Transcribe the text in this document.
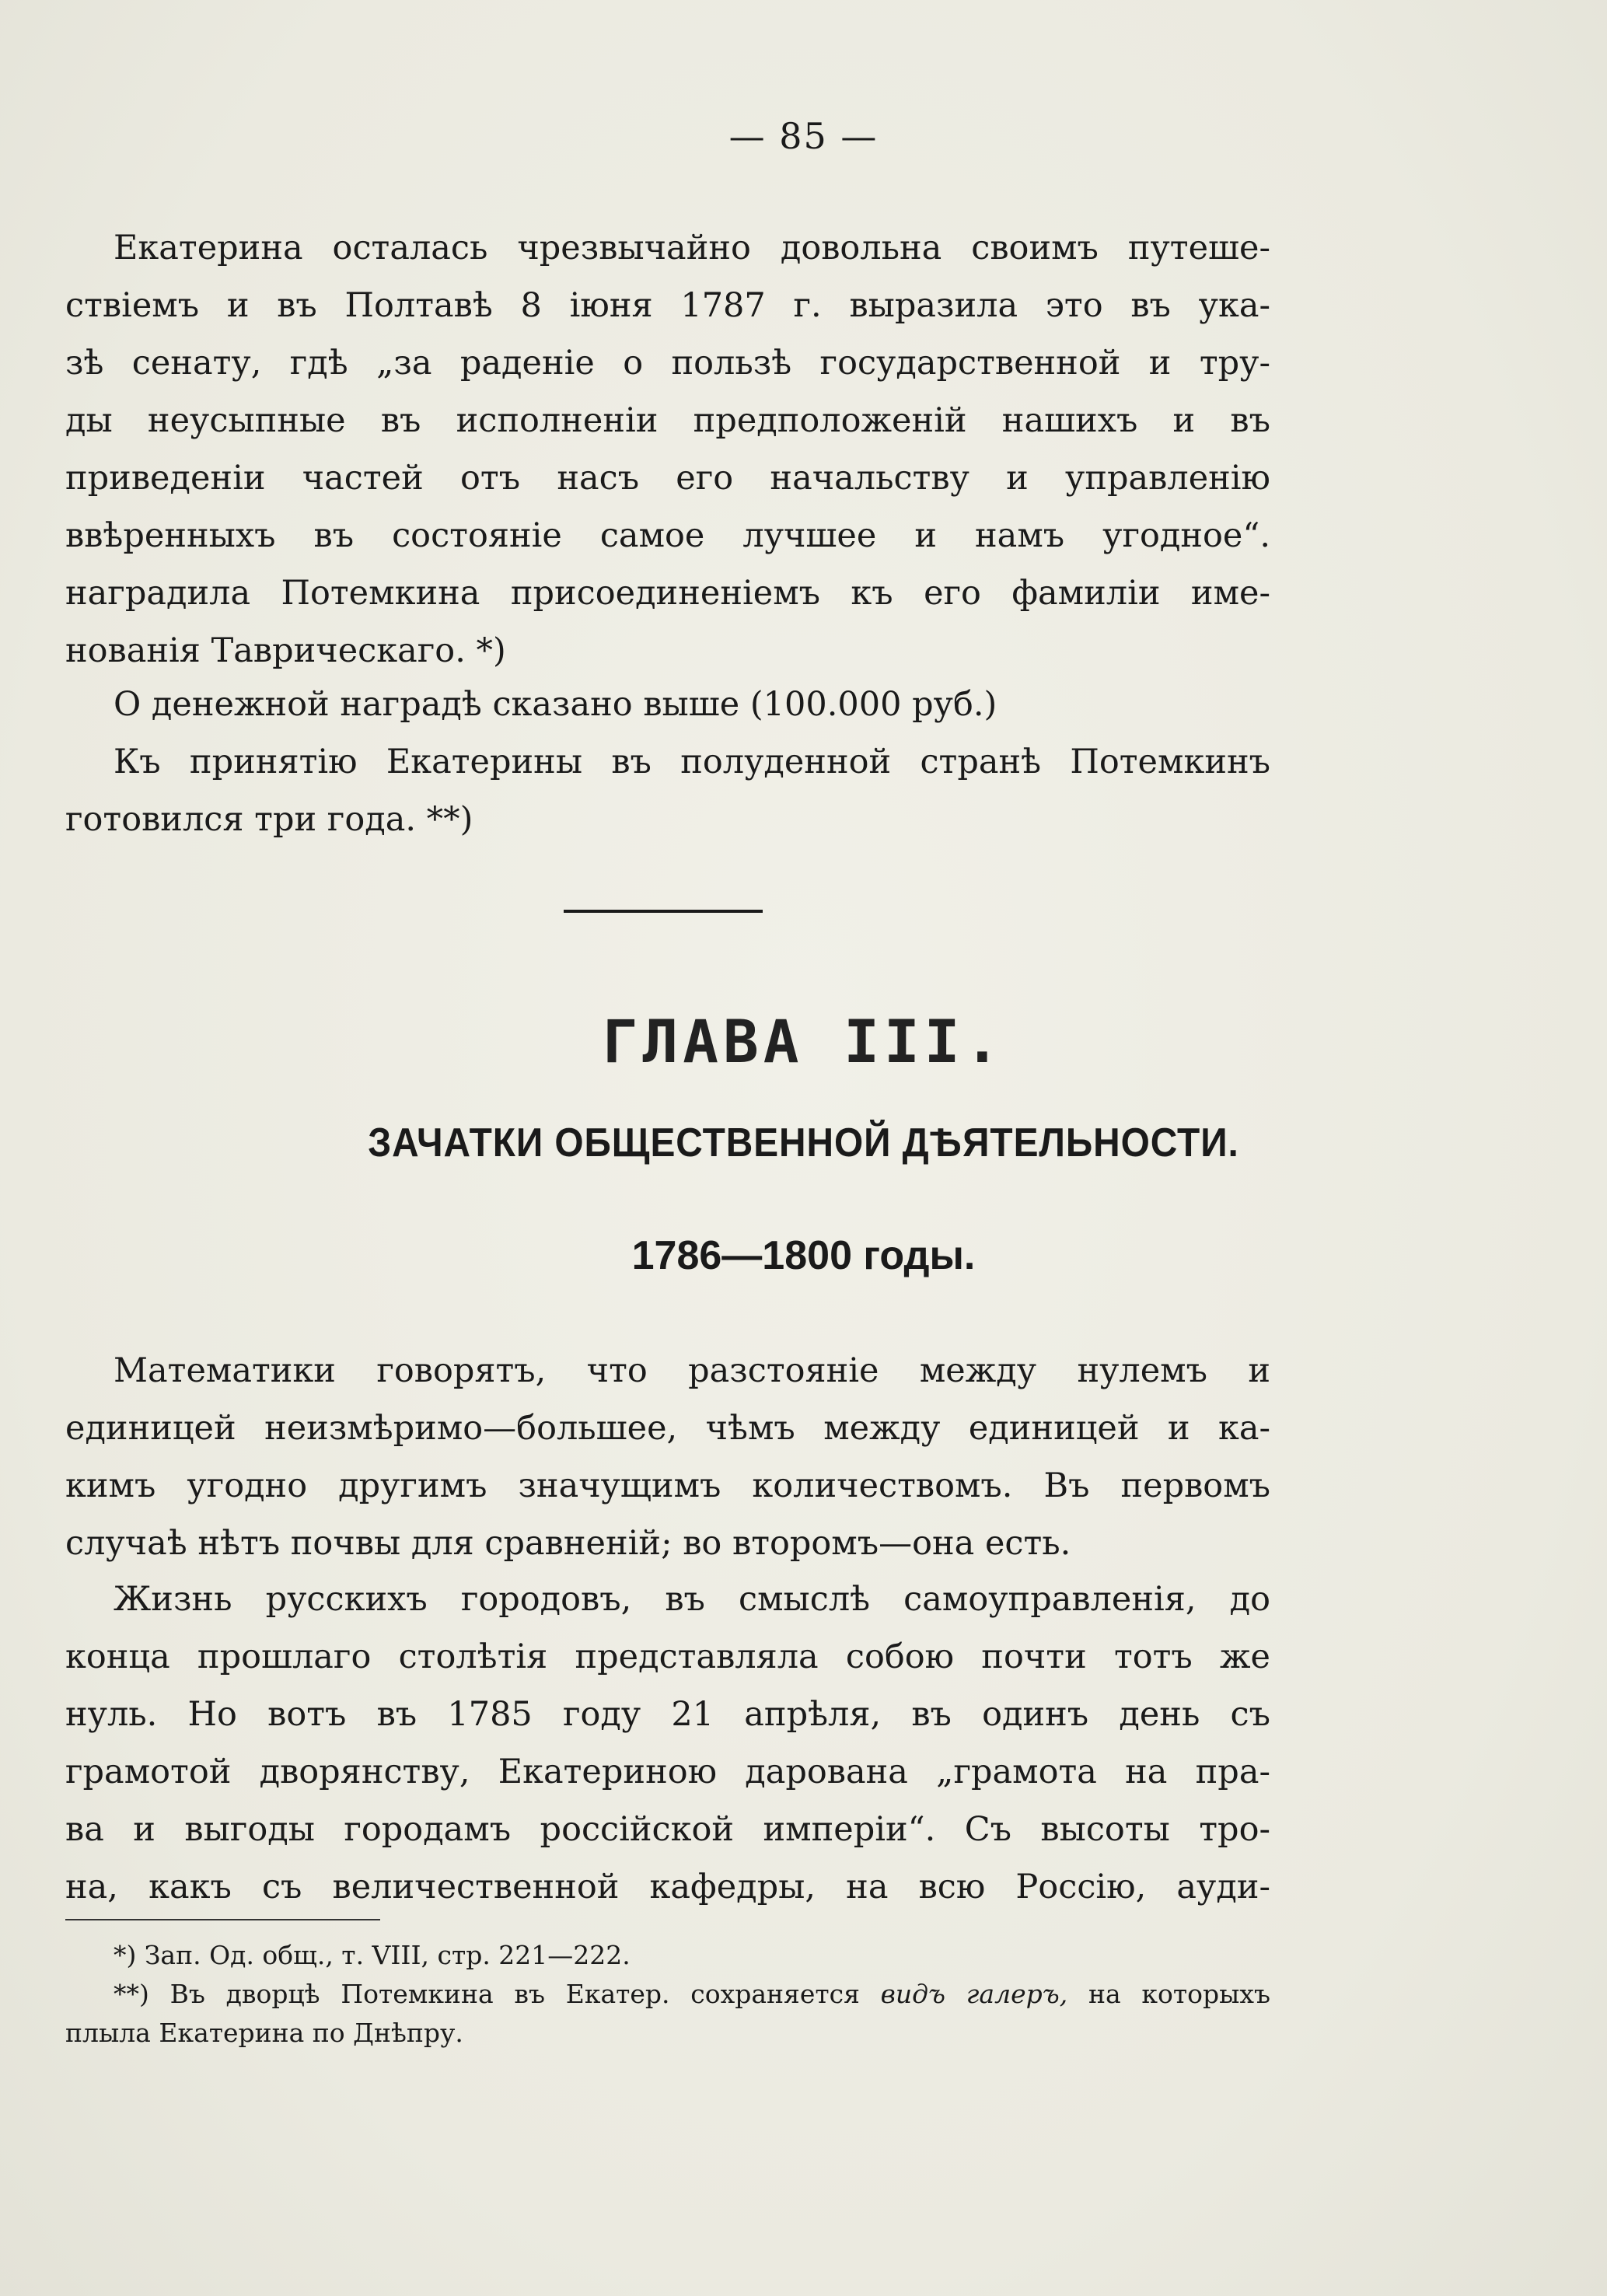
— 85 —
Екатерина осталась чрезвычайно довольна своимъ путеше-
ствіемъ и въ Полтавѣ 8 іюня 1787 г. выразила это въ ука-
зѣ сенату, гдѣ „за раденіе о пользѣ государственной и тру-
ды неусыпные въ исполненіи предположеній нашихъ и въ
приведеніи частей отъ насъ его начальству и управленію
ввѣренныхъ въ состояніе самое лучшее и намъ угодное“.
наградила Потемкина присоединеніемъ къ его фамиліи име-
нованія Таврическаго. *)
О денежной наградѣ сказано выше (100.000 руб.)
Къ принятію Екатерины въ полуденной странѣ Потемкинъ
готовился три года. **)
ГЛАВА III.
ЗАЧАТКИ ОБЩЕСТВЕННОЙ ДѢЯТЕЛЬНОСТИ.
1786—1800 годы.
Математики говорятъ, что разстояніе между нулемъ и
единицей неизмѣримо—большее, чѣмъ между единицей и ка-
кимъ угодно другимъ значущимъ количествомъ. Въ первомъ
случаѣ нѣтъ почвы для сравненій; во второмъ—она есть.
Жизнь русскихъ городовъ, въ смыслѣ самоуправленія, до
конца прошлаго столѣтія представляла собою почти тотъ же
нуль. Но вотъ въ 1785 году 21 апрѣля, въ одинъ день съ
грамотой дворянству, Екатериною дарована „грамота на пра-
ва и выгоды городамъ россійской имперіи“. Съ высоты тро-
на, какъ съ величественной кафедры, на всю Россію, ауди-
*) Зап. Од. общ., т. VIII, стр. 221—222.
**) Въ дворцѣ Потемкина въ Екатер. сохраняется видъ галеръ, на которыхъ
плыла Екатерина по Днѣпру.
